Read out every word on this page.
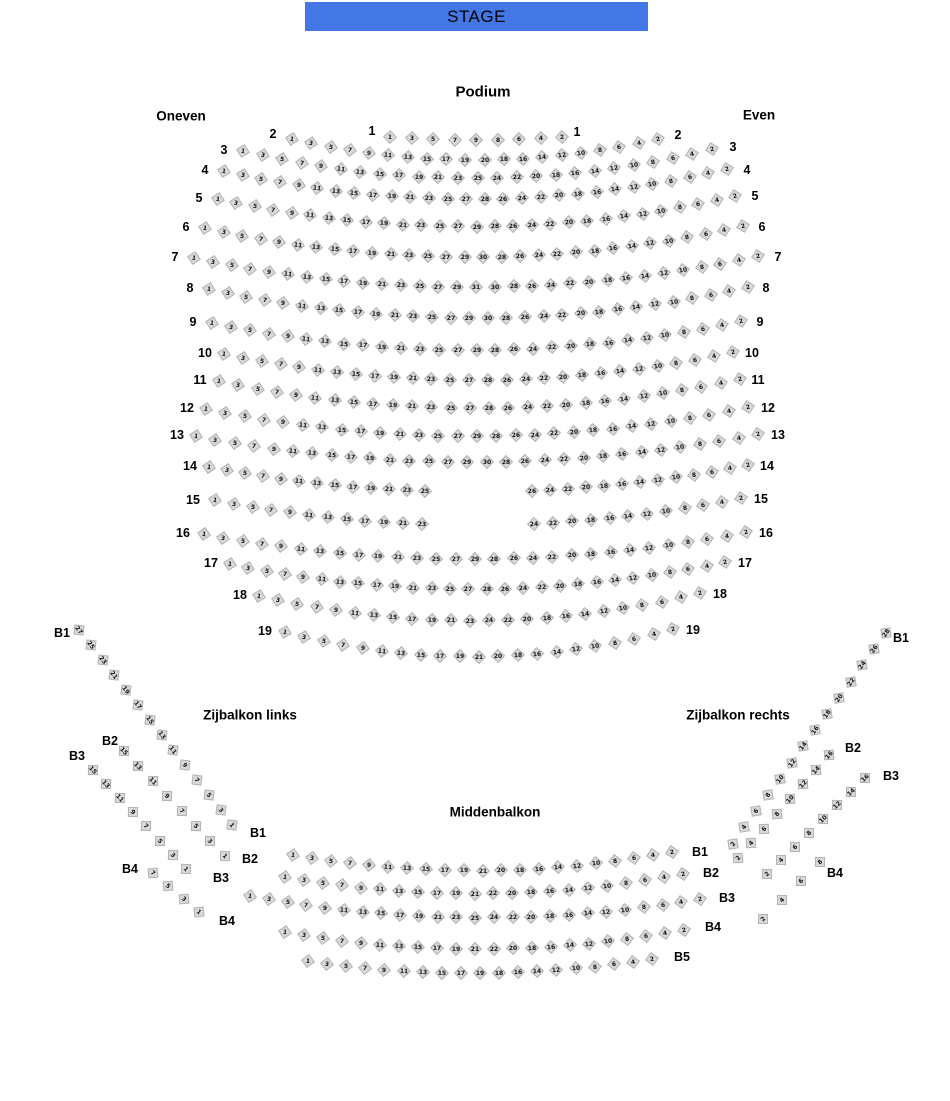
STAGE
Podium
Oneven	Even
Zijbalkon links	Zijbalkon rechts
Middenbalkon
1	3	5	7	9	8	6	4	2
1	1
1
3	5	7	9	11	13	15	17	19	20	18	16	14	12	10	8	6	4
2
2	2
1
3
5	7	9	11	13	15	17	19	21	23	25	24	22	20	18	16	14	12	10	8	6
4
2
3	3
1
3	5	7	9	11	13	15	17	19	21	23	25	27	28	26	24	22	20	18	16	14	12	10	8	6
4
2
4	4
1
3	5	7	9	11	13	15	17	19	21	23	25	27	29	28	26	24	22	20	18	16	14	12	10	8	6	4
2
5	5
1
3	5	7	9	11	13	15	17	19	21	23	25	27	29	30	28	26	24	22	20	18	16	14	12	10	8	6	4
2
6	6
1	3	5	7	9	11	13	15	17	19	21	23	25	27	29	31	30	28	26	24	22	20	18	16	14	12	10	8	6	4
2
7	7
1
3	5	7	9	11	13	15	17	19	21	23	25	27	29	30	28	26	24	22	20	18	16	14	12	10	8	6	4
2
8	8
1	3	5	7	9	11	13	15	17	19	21	23	25	27	29	28	26	24	22	20	18	16	14	12	10	8	6	4
2
9	9
1	3	5	7	9	11	13	15	17	19	21	23	25	27	28	26	24	22	20	18	16	14	12	10	8	6	4
2
10	10
1
3	5	7	9	11	13	15	17	19	21	23	25	27	28	26	24	22	20	18	16	14	12	10	8	6	4
2
11	11
1	3	5	7	9	11	13	15	17	19	21	23	25	27	29	28	26	24	22	20	18	16	14	12	10	8	6	4
2
12	12
1	3	5	7	9	11	13	15	17	19	21	23	25	27	29	30	28	26	24	22	20	18	16	14	12	10	8	6	4	2
13	13
1	3	5	7	9	11	13	15	17	19	21	23	25	26	24	22	20	18	16	14	12	10	8	6	4	2
14	14
1	3	5	7	9	11	13	15	17	19	21	23	24	22	20	18	16	14	12	10	8	6	4	2
15	15
1	3	5	7	9	11	13	15	17	19	21	23	25	27	29	28	26	24	22	20	18	16	14	12	10	8	6	4	2
16	16
1	3	5	7	9	11	13	15	17	19	21	23	25	27	28	26	24	22	20	18	16	14	12	10	8	6	4	2
17	17
1
3	5	7	9	11	13	15	17	19	21	23	24	22	20	18	16	14	12	10	8	6
4
2
18	18
1
3
5	7	9	11	13	15	17	19	21	20	18	16	14	12	10	8
6
4
2
19	19
1	3	5	7	9	11	13	15	17	19	21	20	18	16	14	12	10	8	6	4	2	B1
1	3	5	7	9	11	13	15	17	19	21	22	20	18	16	14	12	10	8	6	4	2	B2
1	3	5	7	9	11	13	15	17	19	21	23	25	24	22	20	18	16	14	12	10	8	6	4	2	B3
1	3	5	7	9	11	13	15	17	19	21	22	20	18	16	14	12	10	8	6	4	2	B4
1	3	5	7	9	11	13	15	17	19	18	16	14	12	10	8	6	4	2	B5
27
25
23
21
19
17
15
13
11
9
7
5
3
1
B1
B1
15
13
11
9
7
5
3
1
B2
B2
15
13
11
9
7
5
3
1
B3
B3
7
5
3
1
B4
B4
28
26
24
22
20
18
16
14
12
10
8
6
4
2
B1
16
14
12
10
8
6
4
2
B2
16
14
12
10
8
6
4
2
B3
8
6
4
2
B4
